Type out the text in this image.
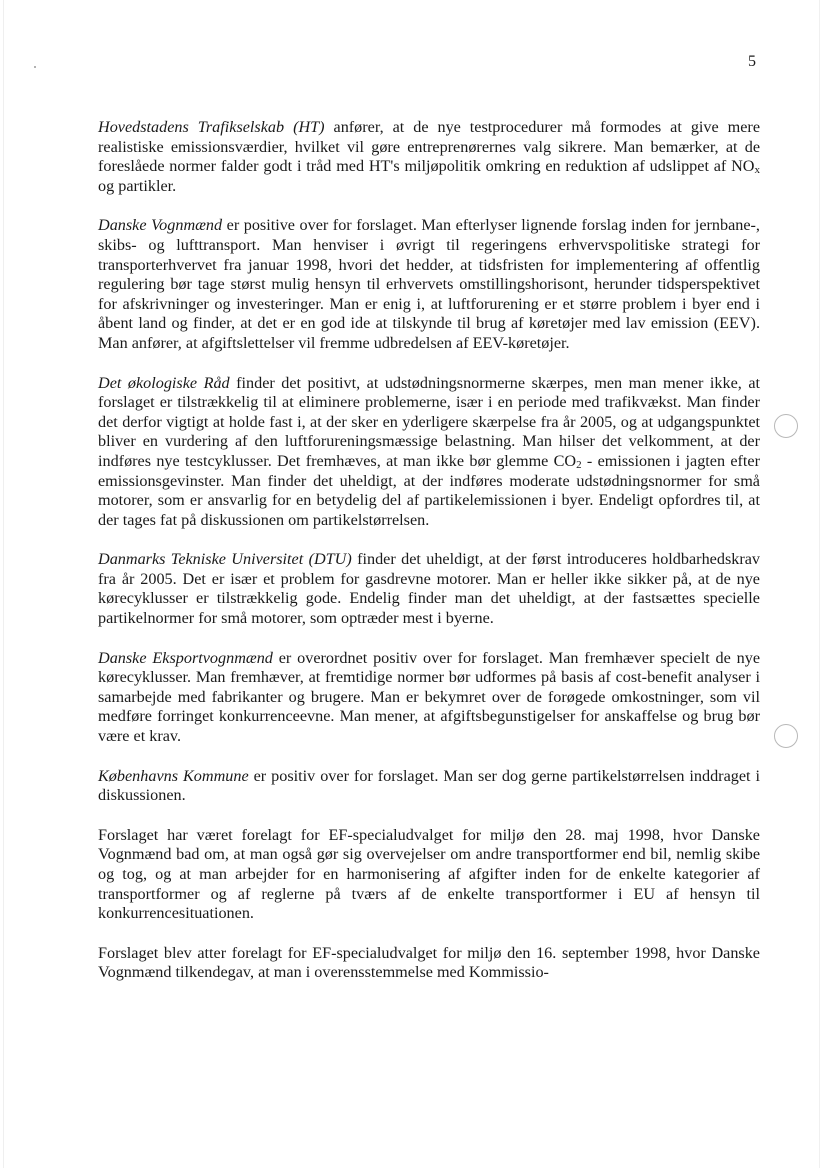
5

Hovedstadens Trafikselskab (HT) anfører, at de nye testprocedurer må formodes at give mere realistiske emissionsværdier, hvilket vil gøre entreprenørernes valg sikrere. Man bemærker, at de foreslåede normer falder godt i tråd med HT's miljøpolitik omkring en reduktion af udslippet af $NO_x$ og partikler.

Danske Vognmænd er positive over for forslaget. Man efterlyser lignende forslag inden for jernbane-, skibs- og lufttransport. Man henviser i øvrigt til regeringens erhvervspolitiske strategi for transporterhvervet fra januar 1998, hvori det hedder, at tidsfristen for implementering af offentlig regulering bør tage størst mulig hensyn til erhvervets omstillingshorisont, herunder tidsperspektivet for afskrivninger og investeringer. Man er enig i, at luftforurening er et større problem i byer end i åbent land og finder, at det er en god ide at tilskynde til brug af køretøjer med lav emission (EEV). Man anfører, at afgiftslettelser vil fremme udbredelsen af EEV-køretøjer.

Det økologiske Råd finder det positivt, at udstødningsnormerne skærpes, men man mener ikke, at forslaget er tilstrækkelig til at eliminere problemerne, især i en periode med trafikvækst. Man finder det derfor vigtigt at holde fast i, at der sker en yderligere skærpelse fra år 2005, og at udgangspunktet bliver en vurdering af den luftforureningsmæssige belastning. Man hilser det velkomment, at der indføres nye testcyklusser. Det fremhæves, at man ikke bør glemme $CO_2$ - emissionen i jagten efter emissionsgevinster. Man finder det uheldigt, at der indføres moderate udstødningsnormer for små motorer, som er ansvarlig for en betydelig del af partikelemissionen i byer. Endeligt opfordres til, at der tages fat på diskussionen om partikelstørrelsen.

Danmarks Tekniske Universitet (DTU) finder det uheldigt, at der først introduceres holdbarhedskrav fra år 2005. Det er især et problem for gasdrevne motorer. Man er heller ikke sikker på, at de nye kørecyklusser er tilstrækkelig gode. Endelig finder man det uheldigt, at der fastsættes specielle partikelnormer for små motorer, som optræder mest i byerne.

Danske Eksportvognmænd er overordnet positiv over for forslaget. Man fremhæver specielt de nye kørecyklusser. Man fremhæver, at fremtidige normer bør udformes på basis af cost-benefit analyser i samarbejde med fabrikanter og brugere. Man er bekymret over de forøgede omkostninger, som vil medføre forringet konkurrenceevne. Man mener, at afgiftsbegunstigelser for anskaffelse og brug bør være et krav.

Københavns Kommune er positiv over for forslaget. Man ser dog gerne partikelstørrelsen inddraget i diskussionen.

Forslaget har været forelagt for EF-specialudvalget for miljø den 28. maj 1998, hvor Danske Vognmænd bad om, at man også gør sig overvejelser om andre transportformer end bil, nemlig skibe og tog, og at man arbejder for en harmonisering af afgifter inden for de enkelte kategorier af transportformer og af reglerne på tværs af de enkelte transportformer i EU af hensyn til konkurrencesituationen.

Forslaget blev atter forelagt for EF-specialudvalget for miljø den 16. september 1998, hvor Danske Vognmænd tilkendegav, at man i overensstemmelse med Kommissio-
